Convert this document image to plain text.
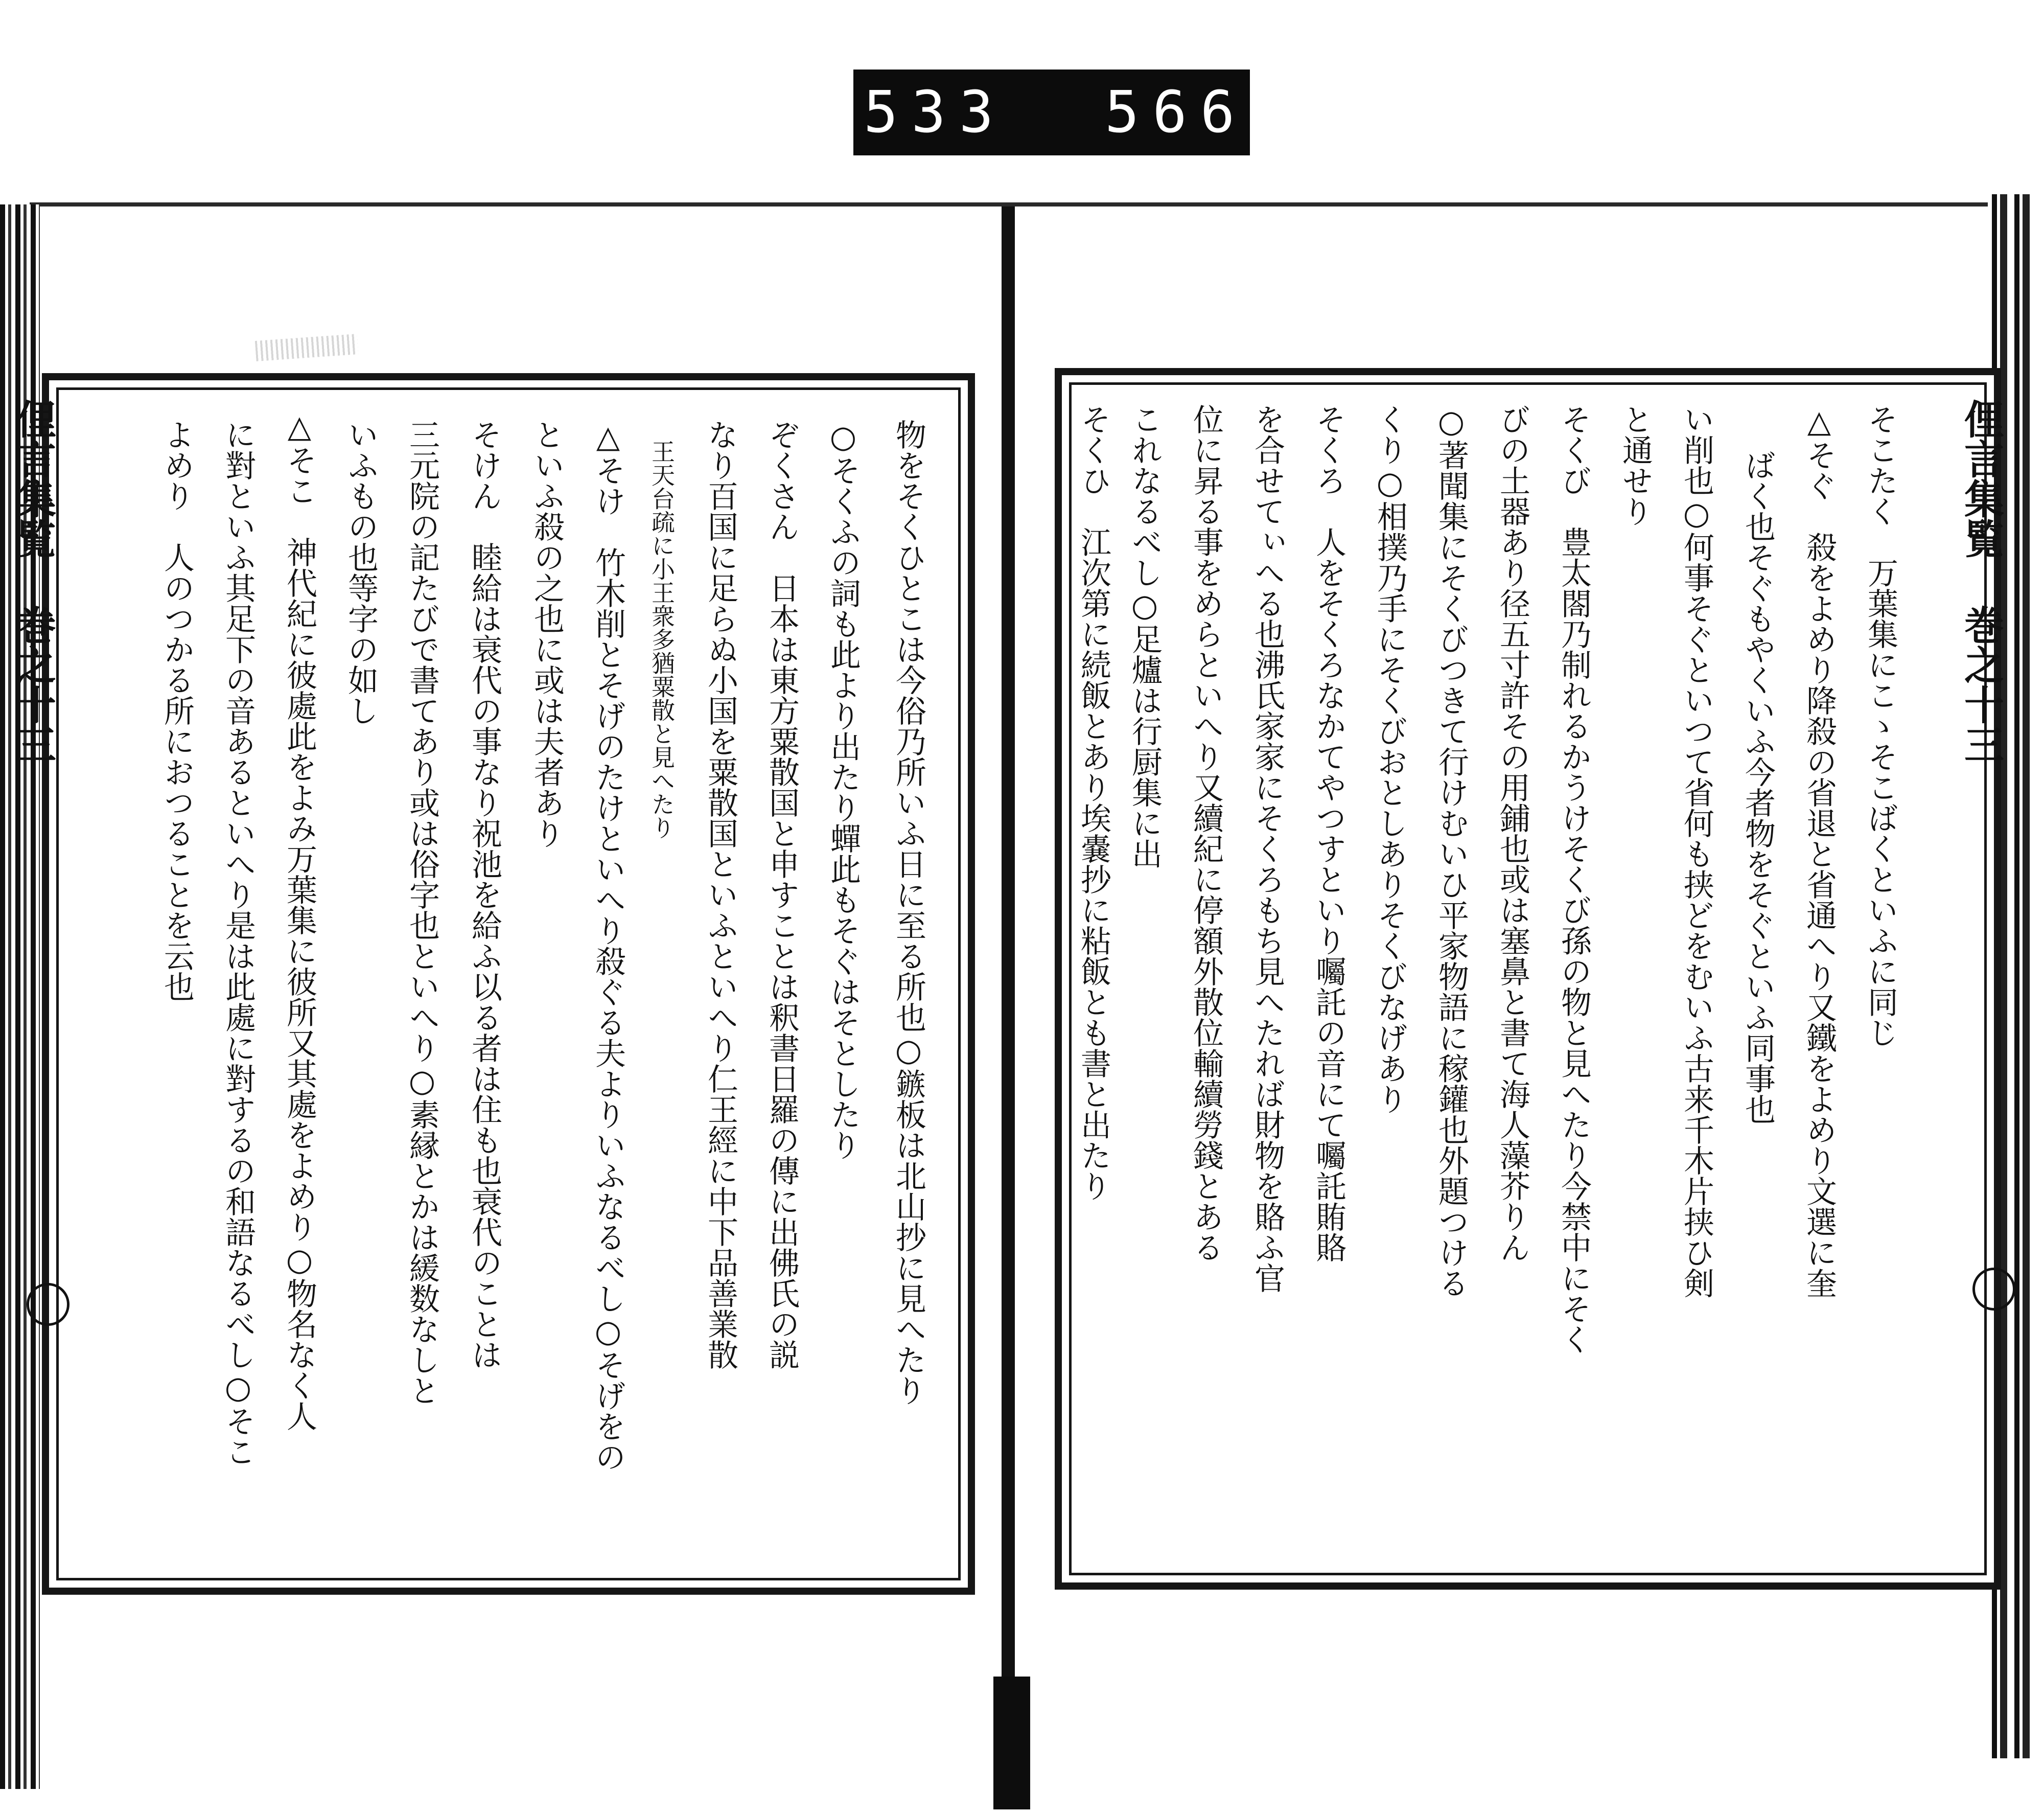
533 566.
俚言集覧 巻之十三	物をそくひとこは今俗乃所いふ日に至る所也○鏃板は北山抄に見へたり
○そくふの詞も此より出たり蟬此もそぐはそとしたり
ぞくさん　日本は東方粟散国と申すことは釈書日羅の傳に出佛氏の説
なり百国に足らぬ小国を粟散国といふといへり仁王經に中下品善業散
王天台疏に小王衆多猶粟散と見へたり
△そけ　竹木削とそげのたけといへり殺ぐる夫よりいふなるべし○そげをの
といふ殺の之也に或は夫者あり
そけん　睦給は衰代の事なり祝池を給ふ以る者は住も也衰代のことは
三元院の記たびで書てあり或は俗字也といへり○素縁とかは緩数なしと
いふもの也等字の如し
△そこ　神代紀に彼處此をよみ万葉集に彼所又其處をよめり○物名なく人
に對といふ其足下の音あるといへり是は此處に對するの和語なるべし○そこ
よめり　人のつかる所におつることを云也	俚言集覧 巻之十三
そこたく　万葉集にこゝそこばくといふに同じ
△そぐ　殺をよめり降殺の省退と省通へり又鐵をよめり文選に奎
ばく也そぐもやくいふ今者物をそぐといふ同事也
い削也○何事そぐといつて省何も挟どをむいふ古来千木片挟ひ剣
と通せり
そくび　豊太閤乃制れるかうけそくび孫の物と見へたり今禁中にそく
びの土器あり径五寸許その用鋪也或は塞鼻と書て海人藻芥りん
○著聞集にそくびつきて行けむいひ平家物語に稼鑵也外題つける
くり○相撲乃手にそくびおとしありそくびなげあり
そくろ　人をそくろなかてやつすといり囑託の音にて囑託賄賂
を合せてぃへる也沸氏家家にそくろもち見へたれば財物を賂ふ官
位に昇る事をめらといへり又續紀に停額外散位輸續勞錢とある
これなるべし○足爐は行厨集に出
そくひ　江次第に続飯とあり埃嚢抄に粘飯とも書と出たり
